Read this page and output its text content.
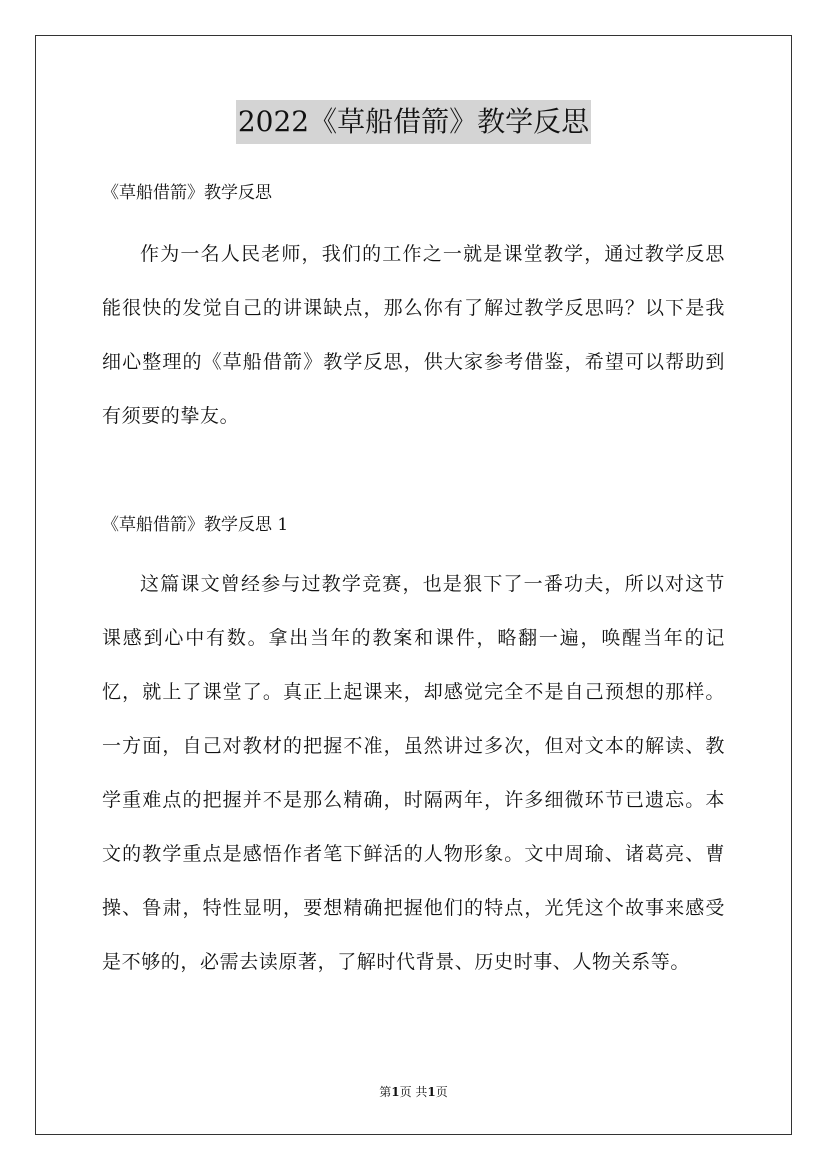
2022《草船借箭》教学反思

《草船借箭》教学反思

作为一名人民老师，我们的工作之一就是课堂教学，通过教学反思能很快的发觉自己的讲课缺点，那么你有了解过教学反思吗？以下是我细心整理的《草船借箭》教学反思，供大家参考借鉴，希望可以帮助到有须要的挚友。

《草船借箭》教学反思 1

这篇课文曾经参与过教学竞赛，也是狠下了一番功夫，所以对这节课感到心中有数。拿出当年的教案和课件，略翻一遍，唤醒当年的记忆，就上了课堂了。真正上起课来，却感觉完全不是自己预想的那样。一方面，自己对教材的把握不准，虽然讲过多次，但对文本的解读、教学重难点的把握并不是那么精确，时隔两年，许多细微环节已遗忘。本文的教学重点是感悟作者笔下鲜活的人物形象。文中周瑜、诸葛亮、曹操、鲁肃，特性显明，要想精确把握他们的特点，光凭这个故事来感受是不够的，必需去读原著，了解时代背景、历史时事、人物关系等。

第1页 共1页
